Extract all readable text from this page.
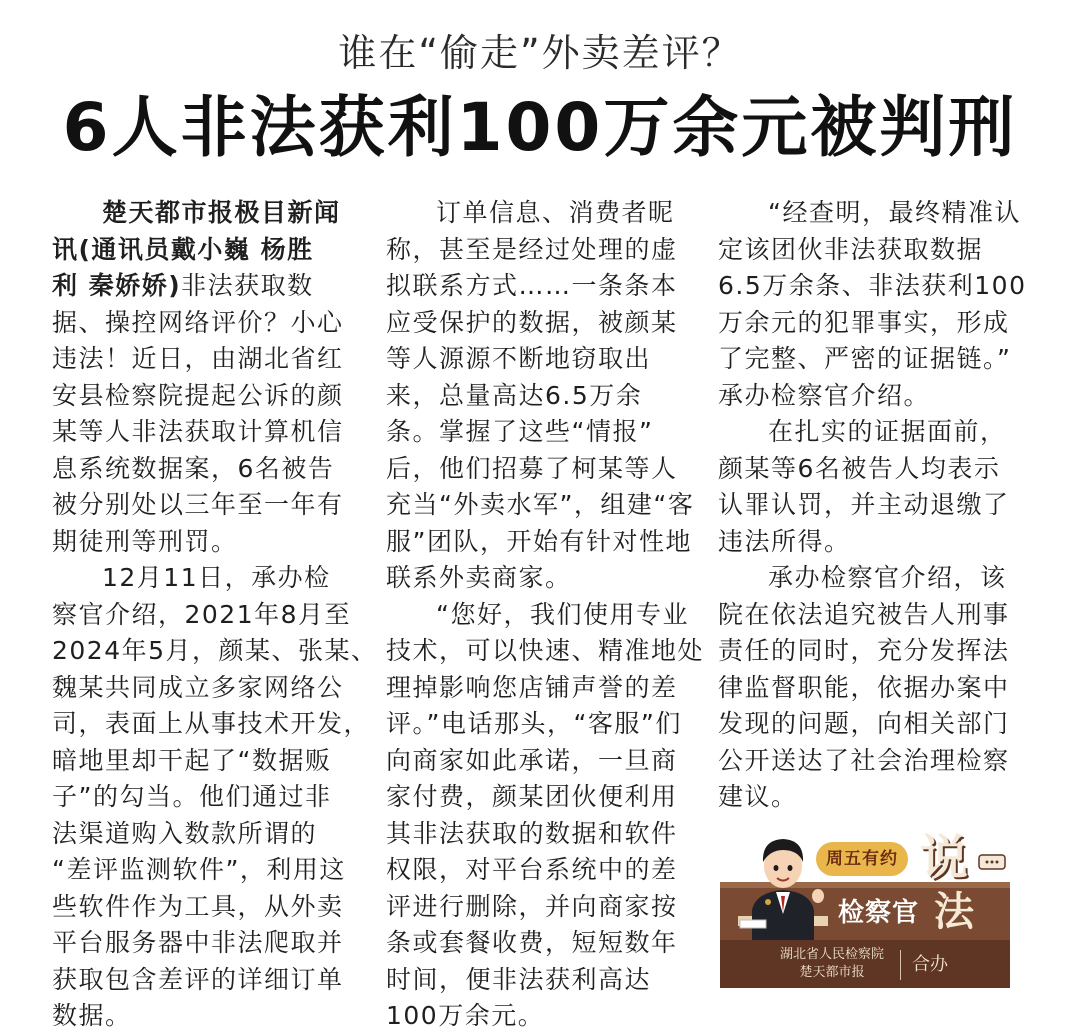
谁在“偷走”外卖差评？
6人非法获利100万余元被判刑
楚天都市报极目新闻
讯(通讯员戴小巍 杨胜
利 秦娇娇)非法获取数
据、操控网络评价？小心
违法！近日，由湖北省红
安县检察院提起公诉的颜
某等人非法获取计算机信
息系统数据案，6名被告
被分别处以三年至一年有
期徒刑等刑罚。
12月11日，承办检
察官介绍，2021年8月至
2024年5月，颜某、张某、
魏某共同成立多家网络公
司，表面上从事技术开发，
暗地里却干起了“数据贩
子”的勾当。他们通过非
法渠道购入数款所谓的
“差评监测软件”，利用这
些软件作为工具，从外卖
平台服务器中非法爬取并
获取包含差评的详细订单
数据。
订单信息、消费者昵
称，甚至是经过处理的虚
拟联系方式……一条条本
应受保护的数据，被颜某
等人源源不断地窃取出
来，总量高达6.5万余
条。掌握了这些“情报”
后，他们招募了柯某等人
充当“外卖水军”，组建“客
服”团队，开始有针对性地
联系外卖商家。
“您好，我们使用专业
技术，可以快速、精准地处
理掉影响您店铺声誉的差
评。”电话那头，“客服”们
向商家如此承诺，一旦商
家付费，颜某团伙便利用
其非法获取的数据和软件
权限，对平台系统中的差
评进行删除，并向商家按
条或套餐收费，短短数年
时间，便非法获利高达
100万余元。
“经查明，最终精准认
定该团伙非法获取数据
6.5万余条、非法获利100
万余元的犯罪事实，形成
了完整、严密的证据链。”
承办检察官介绍。
在扎实的证据面前，
颜某等6名被告人均表示
认罪认罚，并主动退缴了
违法所得。
承办检察官介绍，该
院在依法追究被告人刑事
责任的同时，充分发挥法
律监督职能，依据办案中
发现的问题，向相关部门
公开送达了社会治理检察
建议。
周五有约 说
法
检察官
湖北省人民检察院
楚天都市报	合办
